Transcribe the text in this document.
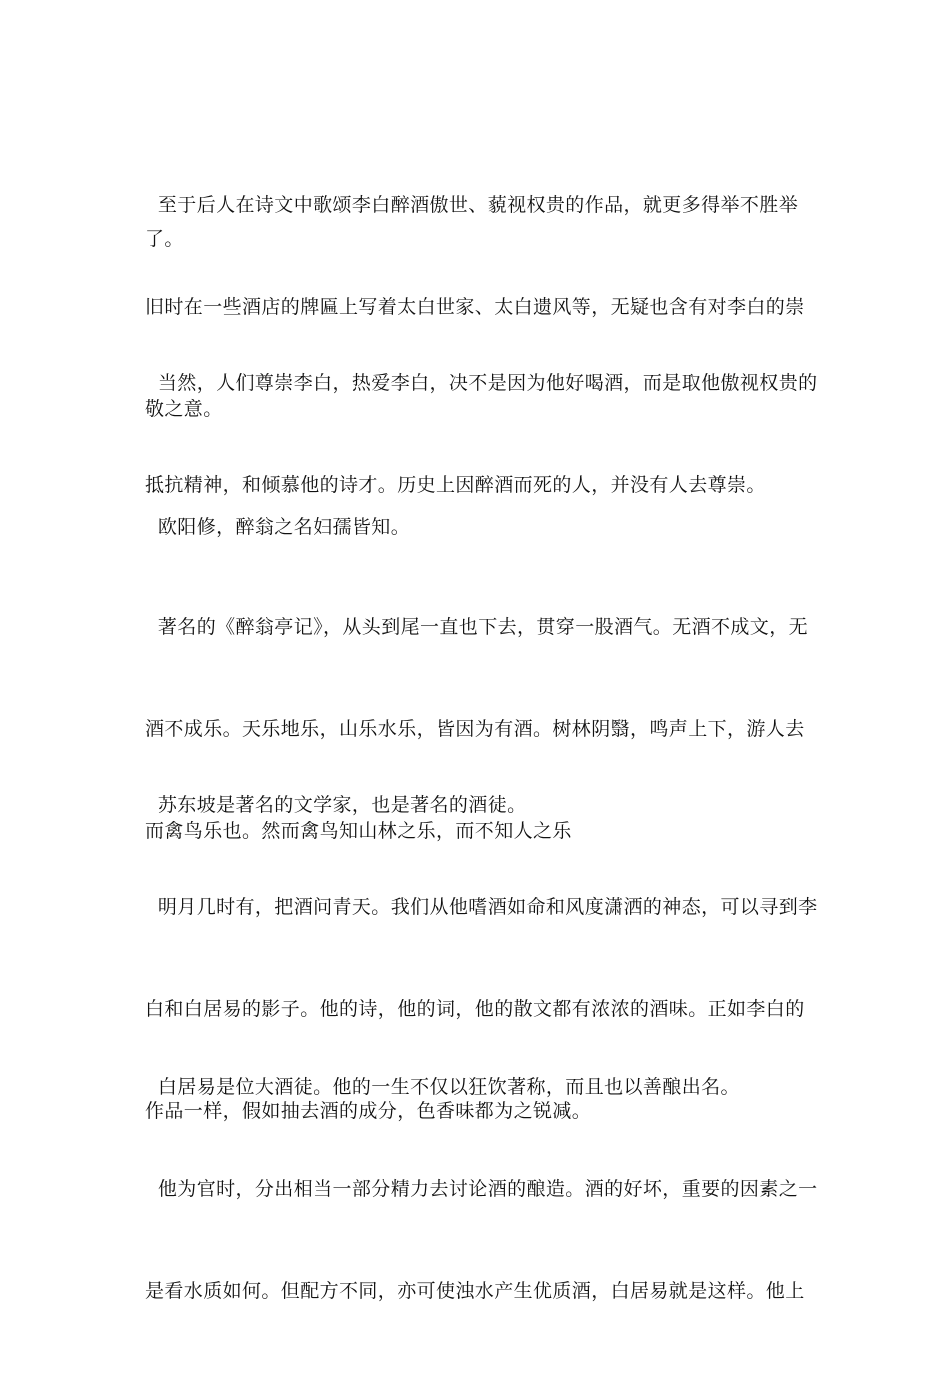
至于后人在诗文中歌颂李白醉酒傲世、藐视权贵的作品，就更多得举不胜举了。

旧时在一些酒店的牌匾上写着太白世家、太白遗风等，无疑也含有对李白的崇

敬之意。

当然，人们尊崇李白，热爱李白，决不是因为他好喝酒，而是取他傲视权贵的

抵抗精神，和倾慕他的诗才。历史上因醉酒而死的人，并没有人去尊崇。

欧阳修，醉翁之名妇孺皆知。

著名的《醉翁亭记》，从头到尾一直也下去，贯穿一股酒气。无酒不成文，无

酒不成乐。天乐地乐，山乐水乐，皆因为有酒。树林阴翳，鸣声上下，游人去

而禽鸟乐也。然而禽鸟知山林之乐，而不知人之乐

苏东坡是著名的文学家，也是著名的酒徒。

明月几时有，把酒问青天。我们从他嗜酒如命和风度潇洒的神态，可以寻到李

白和白居易的影子。他的诗，他的词，他的散文都有浓浓的酒味。正如李白的

作品一样，假如抽去酒的成分，色香味都为之锐减。

白居易是位大酒徒。他的一生不仅以狂饮著称，而且也以善酿出名。

他为官时，分出相当一部分精力去讨论酒的酿造。酒的好坏，重要的因素之一

是看水质如何。但配方不同，亦可使浊水产生优质酒，白居易就是这样。他上
